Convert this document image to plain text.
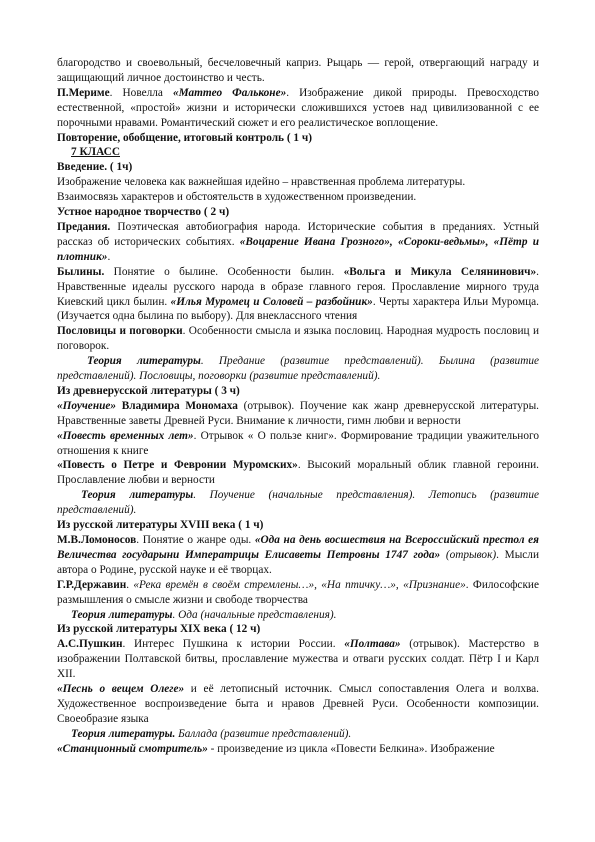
благородство и своевольный, бесчеловечный каприз. Рыцарь — герой, отвергающий награду и защищающий личное достоинство и честь.

П.Мериме. Новелла «Маттео Фальконе». Изображение дикой природы. Превосходство естественной, «простой» жизни и исторически сложившихся устоев над цивилизованной с ее порочными нравами. Романтический сюжет и его реалистическое воплощение.

Повторение, обобщение, итоговый контроль ( 1 ч)

7 КЛАСС

Введение. ( 1ч)

Изображение человека как важнейшая идейно – нравственная проблема литературы.

Взаимосвязь характеров и обстоятельств в художественном произведении.

Устное народное творчество ( 2 ч)

Предания. Поэтическая автобиография народа. Исторические события в преданиях. Устный рассказ об исторических событиях. «Воцарение Ивана Грозного», «Сороки-ведьмы», «Пётр и плотник».

Былины. Понятие о былине. Особенности былин. «Вольга и Микула Селянинович». Нравственные идеалы русского народа в образе главного героя. Прославление мирного труда Киевский цикл былин. «Илья Муромец и Соловей – разбойник». Черты характера Ильи Муромца. (Изучается одна былина по выбору). Для внеклассного чтения

Пословицы и поговорки. Особенности смысла и языка пословиц. Народная мудрость пословиц и поговорок.

Теория литературы. Предание (развитие представлений). Былина (развитие представлений). Пословицы, поговорки (развитие представлений).

Из древнерусской литературы ( 3 ч)

«Поучение» Владимира Мономаха (отрывок). Поучение как жанр древнерусской литературы. Нравственные заветы Древней Руси. Внимание к личности, гимн любви и верности

«Повесть временных лет». Отрывок « О пользе книг». Формирование традиции уважительного отношения к книге

«Повесть о Петре и Февронии Муромских». Высокий моральный облик главной героини. Прославление любви и верности

Теория литературы. Поучение (начальные представления). Летопись (развитие представлений).

Из русской литературы XVIII века ( 1 ч)

М.В.Ломоносов. Понятие о жанре оды. «Ода на день восшествия на Всероссийский престол ея Величества государыни Императрицы Елисаветы Петровны 1747 года» (отрывок). Мысли автора о Родине, русской науке и её творцах.

Г.Р.Державин. «Река времён в своём стремлены…», «На птичку…», «Признание». Философские размышления о смысле жизни и свободе творчества

Теория литературы. Ода (начальные представления).

Из русской литературы XIX века ( 12 ч)

А.С.Пушкин. Интерес Пушкина к истории России. «Полтава» (отрывок). Мастерство в изображении Полтавской битвы, прославление мужества и отваги русских солдат. Пётр I и Карл XII.

«Песнь о вещем Олеге» и её летописный источник. Смысл сопоставления Олега и волхва. Художественное воспроизведение быта и нравов Древней Руси. Особенности композиции. Своеобразие языка

Теория литературы. Баллада (развитие представлений).

«Станционный смотритель» - произведение из цикла «Повести Белкина». Изображение
